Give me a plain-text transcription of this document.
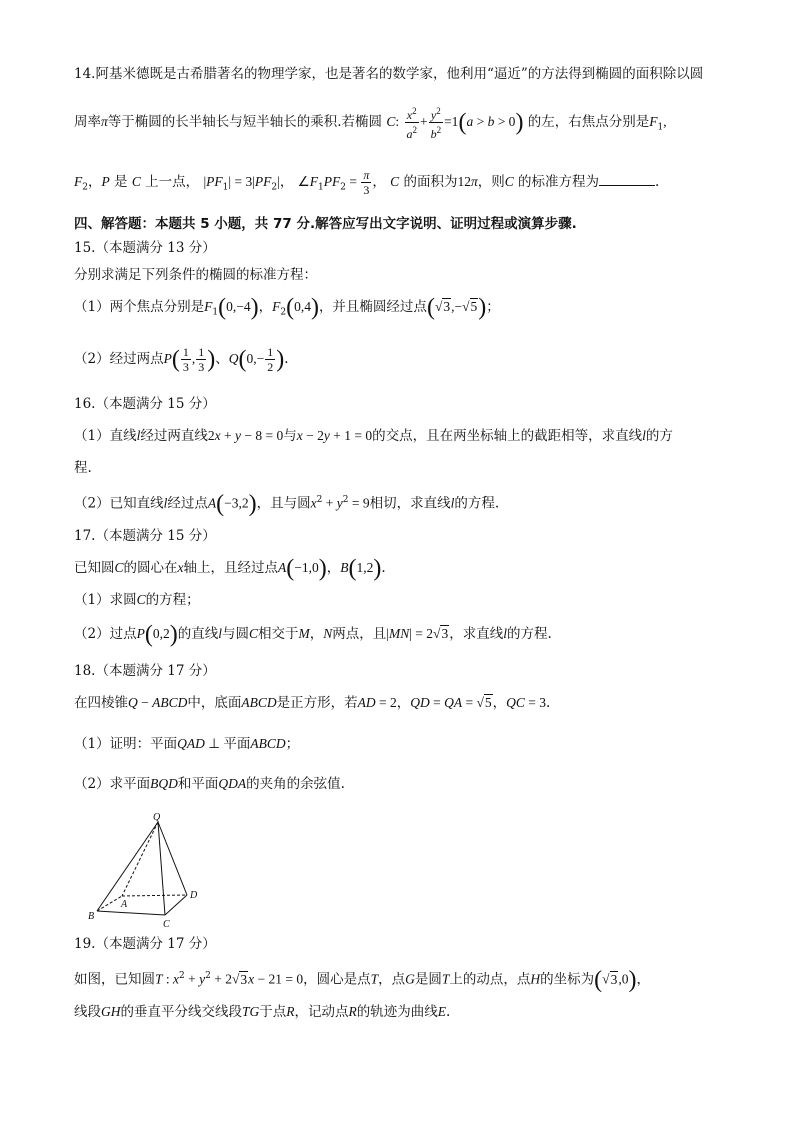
14.阿基米德既是古希腊著名的物理学家，也是著名的数学家，他利用“逼近”的方法得到椭圆的面积除以圆
周率π等于椭圆的长半轴长与短半轴长的乘积.若椭圆 C: $\frac{x^2}{a^2} + \frac{y^2}{b^2} =1(a > b > 0)$ 的左，右焦点分别是$F_1$,
$F_2$，P 是 C 上一点， $|PF_1| = 3|PF_2|$， $\angle F_1PF_2 = \frac{\pi}{3}$ ， C 的面积为12π，则C 的标准方程为	.
四、解答题：本题共 5 小题，共 77 分.解答应写出文字说明、证明过程或演算步骤.
15.（本题满分 13 分）
分别求满足下列条件的椭圆的标准方程：
（1）两个焦点分别是$F_1(0,-4)$，$F_2(0,4)$，并且椭圆经过点(√3,−√5)；
（2）经过两点$P( \frac{1}{3}$ , $\frac{1}{3}$ )、$Q(0,- \frac{1}{2}$ ).
16.（本题满分 15 分）
（1）直线l经过两直线2x + y − 8 = 0与x − 2y + 1 = 0的交点，且在两坐标轴上的截距相等，求直线l的方
程.
（2）已知直线l经过点A(−3,2)，且与圆$x^2 + y^2 = 9$相切，求直线l的方程.
17.（本题满分 15 分）
已知圆C的圆心在x轴上，且经过点A(−1,0)，B(1,2).
（1）求圆C的方程；
（2）过点P(0,2)的直线l与圆C相交于M，N两点，且|MN| = 2√3，求直线l的方程.
18.（本题满分 17 分）
在四棱锥Q − ABCD中，底面ABCD是正方形，若AD = 2，QD = QA = √5，QC = 3.
（1）证明：平面QAD ⊥ 平面ABCD；
（2）求平面BQD和平面QDA的夹角的余弦值.
Q
A
D
B
C
19.（本题满分 17 分）
如图，已知圆T : $x^2 + y^2 + 2√3x - 21 = 0$，圆心是点T，点G是圆T上的动点，点H的坐标为(√3,0)，
线段GH的垂直平分线交线段TG于点R，记动点R的轨迹为曲线E.
